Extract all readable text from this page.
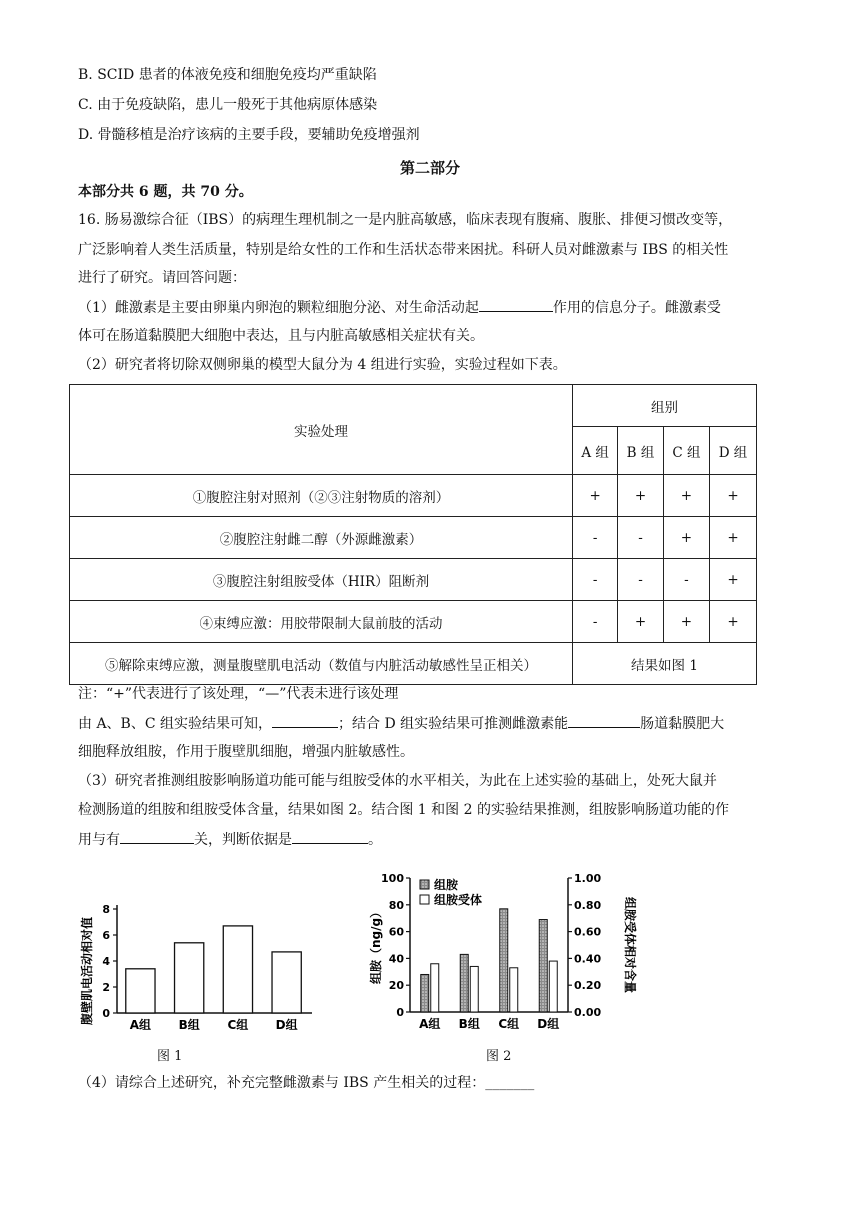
B. SCID 患者的体液免疫和细胞免疫均严重缺陷
C. 由于免疫缺陷，患儿一般死于其他病原体感染
D. 骨髓移植是治疗该病的主要手段，要辅助免疫增强剂
第二部分
本部分共 6 题，共 70 分。
16. 肠易激综合征（IBS）的病理生理机制之一是内脏高敏感，临床表现有腹痛、腹胀、排便习惯改变等，
广泛影响着人类生活质量，特别是给女性的工作和生活状态带来困扰。科研人员对雌激素与 IBS 的相关性
进行了研究。请回答问题：
（1）雌激素是主要由卵巢内卵泡的颗粒细胞分泌、对生命活动起	作用的信息分子。雌激素受
体可在肠道黏膜肥大细胞中表达，且与内脏高敏感相关症状有关。
（2）研究者将切除双侧卵巢的模型大鼠分为 4 组进行实验，实验过程如下表。
实验处理	组别			
	A 组	B 组	C 组	D 组
①腹腔注射对照剂（②③注射物质的溶剂）	+	+	+	+
②腹腔注射雌二醇（外源雌激素）	-	-	+	+
③腹腔注射组胺受体（HIR）阻断剂	-	-	-	+
④束缚应激：用胶带限制大鼠前肢的活动	-	+	+	+
⑤解除束缚应激，测量腹壁肌电活动（数值与内脏活动敏感性呈正相关）	结果如图 1			
注：“+”代表进行了该处理，“—”代表未进行该处理
由 A、B、C 组实验结果可知，	；结合 D 组实验结果可推测雌激素能	肠道黏膜肥大
细胞释放组胺，作用于腹壁肌细胞，增强内脏敏感性。
（3）研究者推测组胺影响肠道功能可能与组胺受体的水平相关，为此在上述实验的基础上，处死大鼠并
检测肠道的组胺和组胺受体含量，结果如图 2。结合图 1 和图 2 的实验结果推测，组胺影响肠道功能的作
用与有	关，判断依据是	。
0
2
4
6
8
A组 B组 C组 D组
腹壁肌电活动相对值
图 1
0
20
40
60
80
100
0.00
0.20
0.40
0.60
0.80
1.00
A组 B组 C组 D组
组胺
组胺受体
组胺（ng/g）	组胺受体相对含量
图 2
（4）请综合上述研究，补充完整雌激素与 IBS 产生相关的过程：_______
